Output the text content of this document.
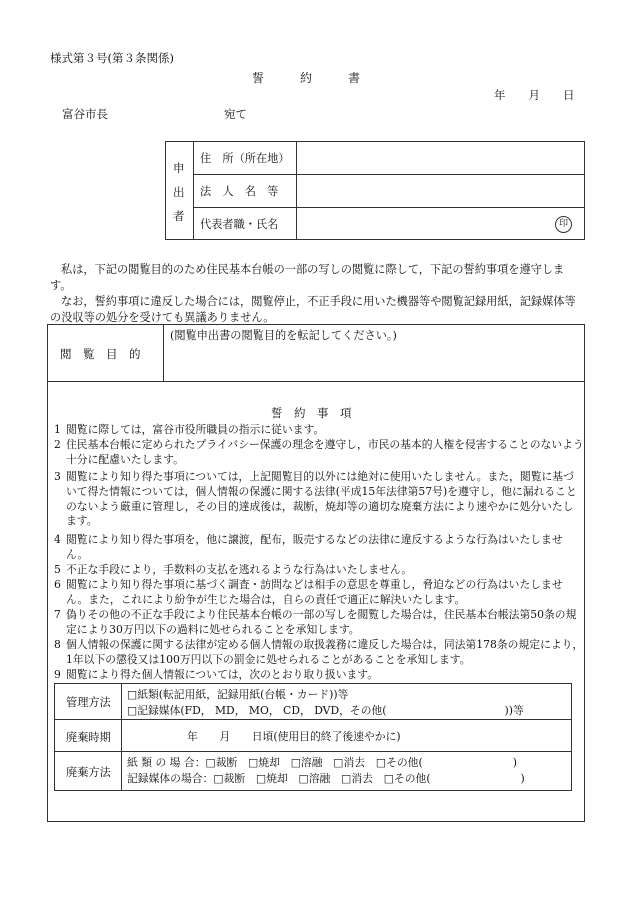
様式第３号(第３条関係)
誓　　　約　　　書
年　　月　　日
富谷市長	宛て
申
出
者
住　所（所在地）
法　人　名　等
代表者職・氏名	印
私は，下記の閲覧目的のため住民基本台帳の一部の写しの閲覧に際して，下記の誓約事項を遵守します。
なお，誓約事項に違反した場合には，閲覧停止，不正手段に用いた機器等や閲覧記録用紙，記録媒体等の没収等の処分を受けても異議ありません。
閲　覧　目　的
(閲覧申出書の閲覧目的を転記してください。)
誓　約　事　項
1 閲覧に際しては，富谷市役所職員の指示に従います。
2 住民基本台帳に定められたプライバシー保護の理念を遵守し，市民の基本的人権を侵害することのないよう十分に配慮いたします。
3 閲覧により知り得た事項については，上記閲覧目的以外には絶対に使用いたしません。また，閲覧に基づいて得た情報については，個人情報の保護に関する法律(平成15年法律第57号)を遵守し，他に漏れることのないよう厳重に管理し，その目的達成後は，裁断，焼却等の適切な廃棄方法により速やかに処分いたします。
4 閲覧により知り得た事項を，他に譲渡，配布，販売するなどの法律に違反するような行為はいたしません。
5 不正な手段により，手数料の支払を逃れるような行為はいたしません。
6 閲覧により知り得た事項に基づく調査・訪問などは相手の意思を尊重し，脅迫などの行為はいたしません。また，これにより紛争が生じた場合は，自らの責任で適正に解決いたします。
7 偽りその他の不正な手段により住民基本台帳の一部の写しを閲覧した場合は，住民基本台帳法第50条の規定により30万円以下の過料に処せられることを承知します。
8 個人情報の保護に関する法律が定める個人情報の取扱義務に違反した場合は，同法第178条の規定により，1年以下の懲役又は100万円以下の罰金に処せられることがあることを承知します。
9 閲覧により得た個人情報については，次のとおり取り扱います。
管理方法
□紙類(転記用紙，記録用紙(台帳・カード))等
□記録媒体(FD， MD， MO， CD， DVD，その他(	))等
廃棄時期	年　　月　　日頃(使用目的終了後速やかに)
廃棄方法
紙 類 の 場 合：□裁断　□焼却　□溶融　□消去　□その他(	)
記録媒体の場合：□裁断　□焼却　□溶融　□消去　□その他(	)
